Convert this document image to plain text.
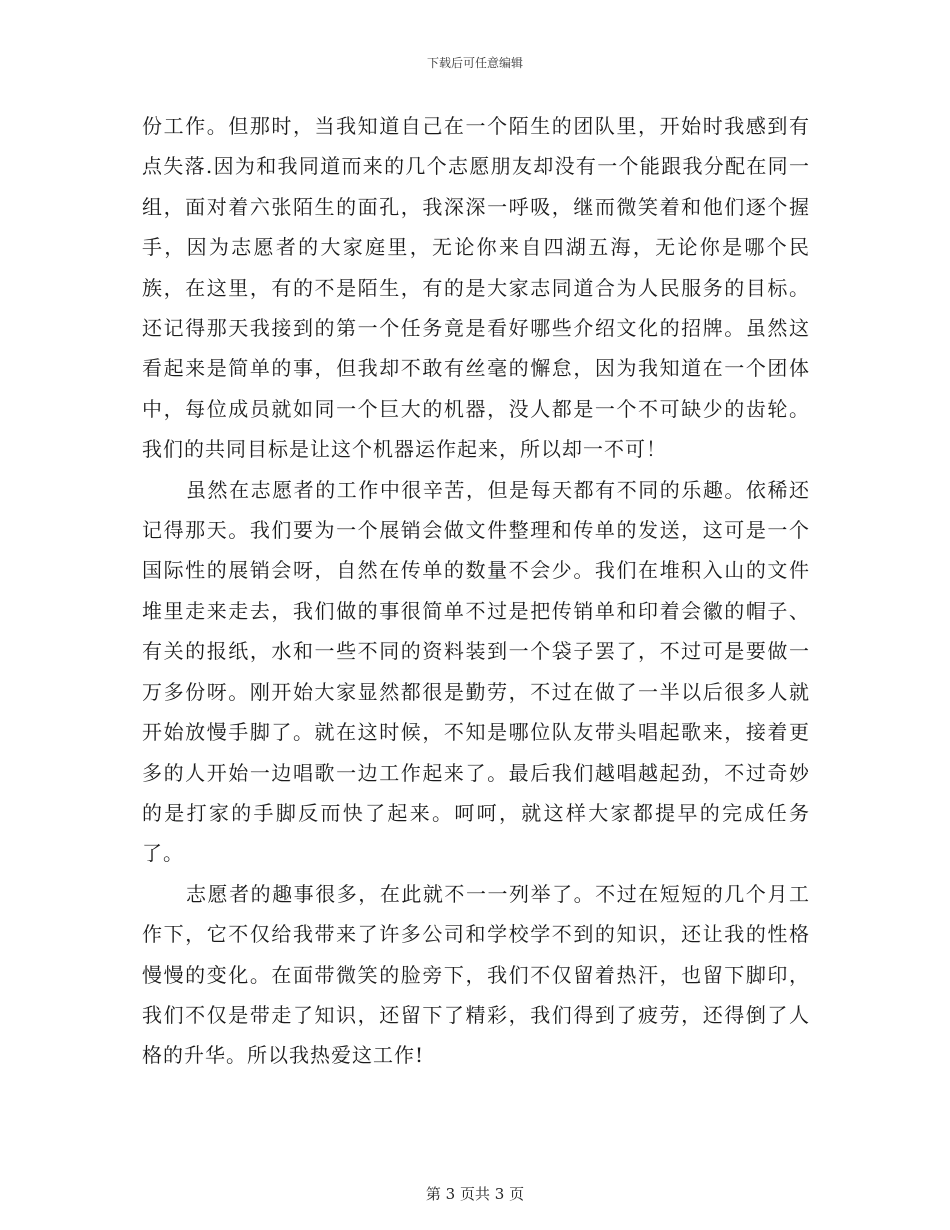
下载后可任意编辑

份工作。但那时，当我知道自己在一个陌生的团队里，开始时我感到有点失落.因为和我同道而来的几个志愿朋友却没有一个能跟我分配在同一组，面对着六张陌生的面孔，我深深一呼吸，继而微笑着和他们逐个握手，因为志愿者的大家庭里，无论你来自四湖五海，无论你是哪个民族，在这里，有的不是陌生，有的是大家志同道合为人民服务的目标。还记得那天我接到的第一个任务竟是看好哪些介绍文化的招牌。虽然这看起来是简单的事，但我却不敢有丝毫的懈怠，因为我知道在一个团体中，每位成员就如同一个巨大的机器，没人都是一个不可缺少的齿轮。我们的共同目标是让这个机器运作起来，所以却一不可！

虽然在志愿者的工作中很辛苦，但是每天都有不同的乐趣。依稀还记得那天。我们要为一个展销会做文件整理和传单的发送，这可是一个国际性的展销会呀，自然在传单的数量不会少。我们在堆积入山的文件堆里走来走去，我们做的事很简单不过是把传销单和印着会徽的帽子、有关的报纸，水和一些不同的资料装到一个袋子罢了，不过可是要做一万多份呀。刚开始大家显然都很是勤劳，不过在做了一半以后很多人就开始放慢手脚了。就在这时候，不知是哪位队友带头唱起歌来，接着更多的人开始一边唱歌一边工作起来了。最后我们越唱越起劲，不过奇妙的是打家的手脚反而快了起来。呵呵，就这样大家都提早的完成任务了。

志愿者的趣事很多，在此就不一一列举了。不过在短短的几个月工作下，它不仅给我带来了许多公司和学校学不到的知识，还让我的性格慢慢的变化。在面带微笑的脸旁下，我们不仅留着热汗，也留下脚印，我们不仅是带走了知识，还留下了精彩，我们得到了疲劳，还得倒了人格的升华。所以我热爱这工作!

第 3 页共 3 页
